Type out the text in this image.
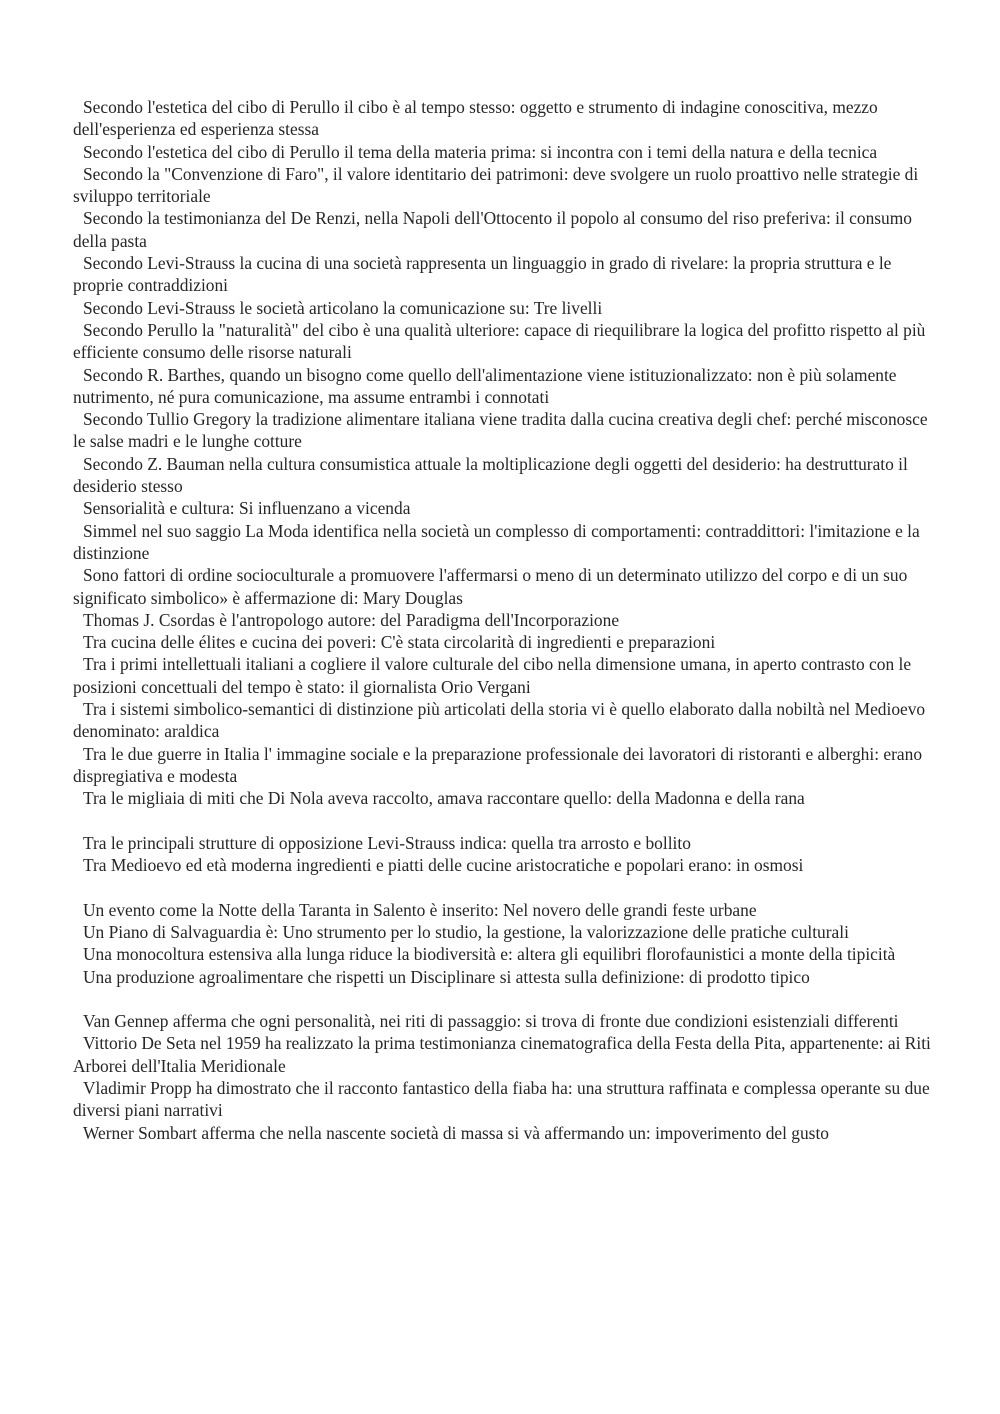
Secondo l'estetica del cibo di Perullo il cibo è al tempo stesso: oggetto e strumento di indagine conoscitiva, mezzo dell'esperienza ed esperienza stessa

Secondo l'estetica del cibo di Perullo il tema della materia prima: si incontra con i temi della natura e della tecnica

Secondo la "Convenzione di Faro", il valore identitario dei patrimoni: deve svolgere un ruolo proattivo nelle strategie di sviluppo territoriale

Secondo la testimonianza del De Renzi, nella Napoli dell'Ottocento il popolo al consumo del riso preferiva: il consumo della pasta

Secondo Levi-Strauss la cucina di una società rappresenta un linguaggio in grado di rivelare: la propria struttura e le proprie contraddizioni

Secondo Levi-Strauss le società articolano la comunicazione su: Tre livelli

Secondo Perullo la "naturalità" del cibo è una qualità ulteriore: capace di riequilibrare la logica del profitto rispetto al più efficiente consumo delle risorse naturali

Secondo R. Barthes, quando un bisogno come quello dell'alimentazione viene istituzionalizzato: non è più solamente nutrimento, né pura comunicazione, ma assume entrambi i connotati

Secondo Tullio Gregory la tradizione alimentare italiana viene tradita dalla cucina creativa degli chef: perché misconosce le salse madri e le lunghe cotture

Secondo Z. Bauman nella cultura consumistica attuale la moltiplicazione degli oggetti del desiderio: ha destrutturato il desiderio stesso

Sensorialità e cultura: Si influenzano a vicenda

Simmel nel suo saggio La Moda identifica nella società un complesso di comportamenti: contraddittori: l'imitazione e la distinzione

Sono fattori di ordine socioculturale a promuovere l'affermarsi o meno di un determinato utilizzo del corpo e di un suo significato simbolico» è affermazione di: Mary Douglas

Thomas J. Csordas è l'antropologo autore: del Paradigma dell'Incorporazione

Tra cucina delle élites e cucina dei poveri: C'è stata circolarità di ingredienti e preparazioni

Tra i primi intellettuali italiani a cogliere il valore culturale del cibo nella dimensione umana, in aperto contrasto con le posizioni concettuali del tempo è stato: il giornalista Orio Vergani

Tra i sistemi simbolico-semantici di distinzione più articolati della storia vi è quello elaborato dalla nobiltà nel Medioevo denominato: araldica

Tra le due guerre in Italia l' immagine sociale e la preparazione professionale dei lavoratori di ristoranti e alberghi: erano dispregiativa e modesta

Tra le migliaia di miti che Di Nola aveva raccolto, amava raccontare quello: della Madonna e della rana

Tra le principali strutture di opposizione Levi-Strauss indica: quella tra arrosto e bollito

Tra Medioevo ed età moderna ingredienti e piatti delle cucine aristocratiche e popolari erano: in osmosi

Un evento come la Notte della Taranta in Salento è inserito: Nel novero delle grandi feste urbane

Un Piano di Salvaguardia è: Uno strumento per lo studio, la gestione, la valorizzazione delle pratiche culturali

Una monocoltura estensiva alla lunga riduce la biodiversità e: altera gli equilibri florofaunistici a monte della tipicità

Una produzione agroalimentare che rispetti un Disciplinare si attesta sulla definizione: di prodotto tipico

Van Gennep afferma che ogni personalità, nei riti di passaggio: si trova di fronte due condizioni esistenziali differenti

Vittorio De Seta nel 1959 ha realizzato la prima testimonianza cinematografica della Festa della Pita, appartenente: ai Riti Arborei dell'Italia Meridionale

Vladimir Propp ha dimostrato che il racconto fantastico della fiaba ha: una struttura raffinata e complessa operante su due diversi piani narrativi

Werner Sombart afferma che nella nascente società di massa si và affermando un: impoverimento del gusto
